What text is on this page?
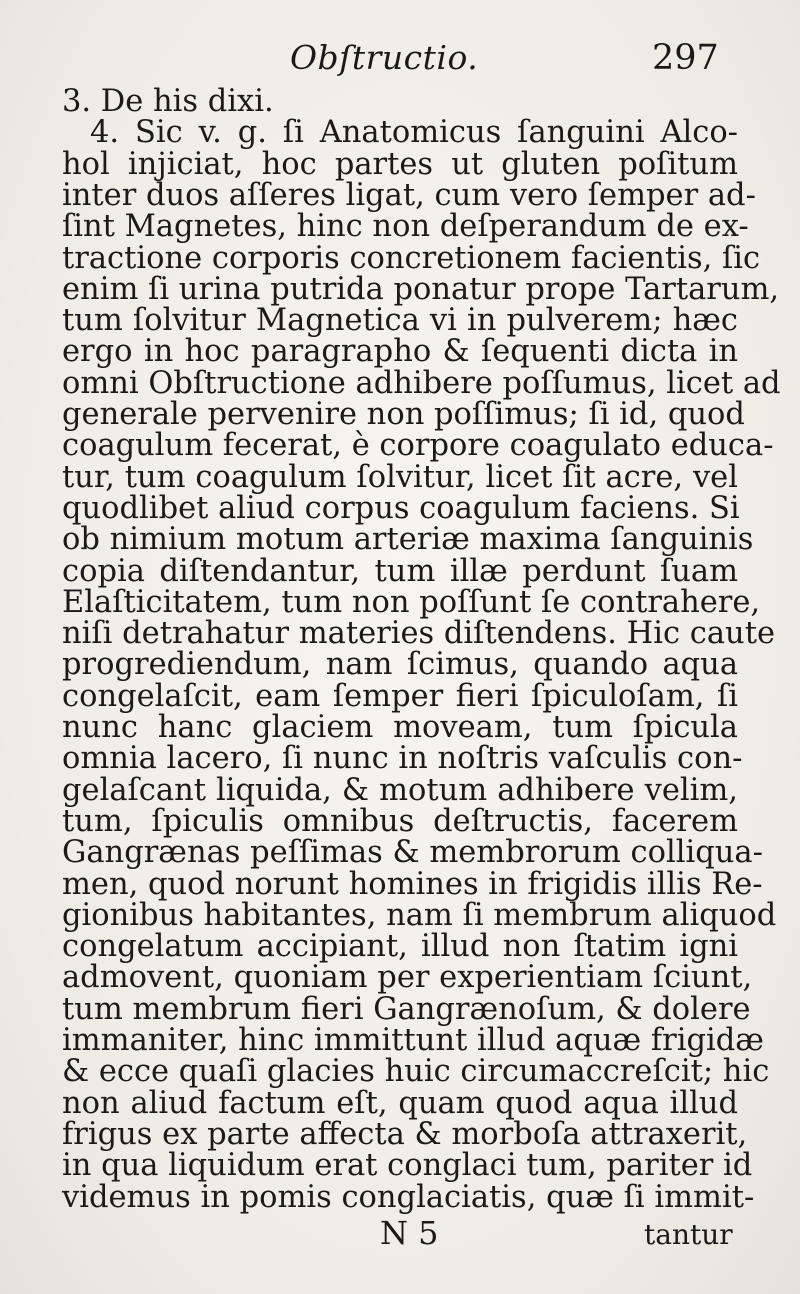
Obſtructio.	297
3. De his dixi.
4. Sic v. g. ſi Anatomicus ſanguini Alco-
hol injiciat, hoc partes ut gluten poſitum
inter duos aſſeres ligat, cum vero ſemper ad-
ſint Magnetes, hinc non deſperandum de ex-
tractione corporis concretionem facientis, ſic
enim ſi urina putrida ponatur prope Tartarum,
tum ſolvitur Magnetica vi in pulverem; hæc
ergo in hoc paragrapho & ſequenti dicta in
omni Obſtructione adhibere poſſumus, licet ad
generale pervenire non poſſimus; ſi id, quod
coagulum fecerat, è corpore coagulato educa-
tur, tum coagulum ſolvitur, licet ſit acre, vel
quodlibet aliud corpus coagulum faciens. Si
ob nimium motum arteriæ maxima ſanguinis
copia diſtendantur, tum illæ perdunt ſuam
Elaſticitatem, tum non poſſunt ſe contrahere,
niſi detrahatur materies diſtendens. Hic caute
progrediendum, nam ſcimus, quando aqua
congelaſcit, eam ſemper fieri ſpiculoſam, ſi
nunc hanc glaciem moveam, tum ſpicula
omnia lacero, ſi nunc in noſtris vaſculis con-
gelaſcant liquida, & motum adhibere velim,
tum, ſpiculis omnibus deſtructis, facerem
Gangrænas peſſimas & membrorum colliqua-
men, quod norunt homines in frigidis illis Re-
gionibus habitantes, nam ſi membrum aliquod
congelatum accipiant, illud non ſtatim igni
admovent, quoniam per experientiam ſciunt,
tum membrum fieri Gangrænoſum, & dolere
immaniter, hinc immittunt illud aquæ frigidæ
& ecce quaſi glacies huic circumaccreſcit; hic
non aliud factum eſt, quam quod aqua illud
frigus ex parte affecta & morboſa attraxerit,
in qua liquidum erat conglaci tum, pariter id
videmus in pomis conglaciatis, quæ ſi immit-
N 5	tantur
